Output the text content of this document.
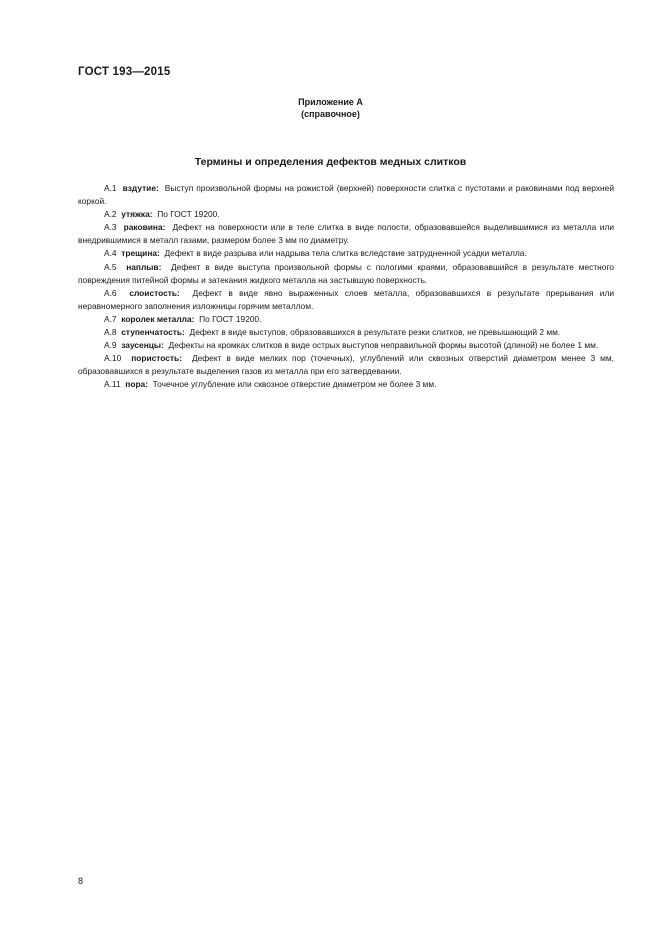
ГОСТ 193—2015
Приложение А
(справочное)
Термины и определения дефектов медных слитков

А.1 вздутие: Выступ произвольной формы на рожистой (верхней) поверхности слитка с пустотами и раковинами под верхней коркой.

А.2 утяжка: По ГОСТ 19200.

А.3 раковина: Дефект на поверхности или в теле слитка в виде полости, образовавшейся выделившимися из металла или внедрившимися в металл газами, размером более 3 мм по диаметру.

А.4 трещина: Дефект в виде разрыва или надрыва тела слитка вследствие затрудненной усадки металла.

А.5 наплыв: Дефект в виде выступа произвольной формы с пологими краями, образовавшийся в результате местного повреждения питейной формы и затекания жидкого металла на застывшую поверхность.

А.6 слоистость: Дефект в виде явно выраженных слоев металла, образовавшихся в результате прерывания или неравномерного заполнения изложницы горячим металлом.

А.7 королек металла: По ГОСТ 19200.

А.8 ступенчатость: Дефект в виде выступов, образовавшихся в результате резки слитков, не превышающий 2 мм.

А.9 заусенцы: Дефекты на кромках слитков в виде острых выступов неправильной формы высотой (длиной) не более 1 мм.

А.10 пористость: Дефект в виде мелких пор (точечных), углублений или сквозных отверстий диаметром менее 3 мм, образовавшихся в результате выделения газов из металла при его затвердевании.

А.11 пора: Точечное углубление или сквозное отверстие диаметром не более 3 мм.

8
